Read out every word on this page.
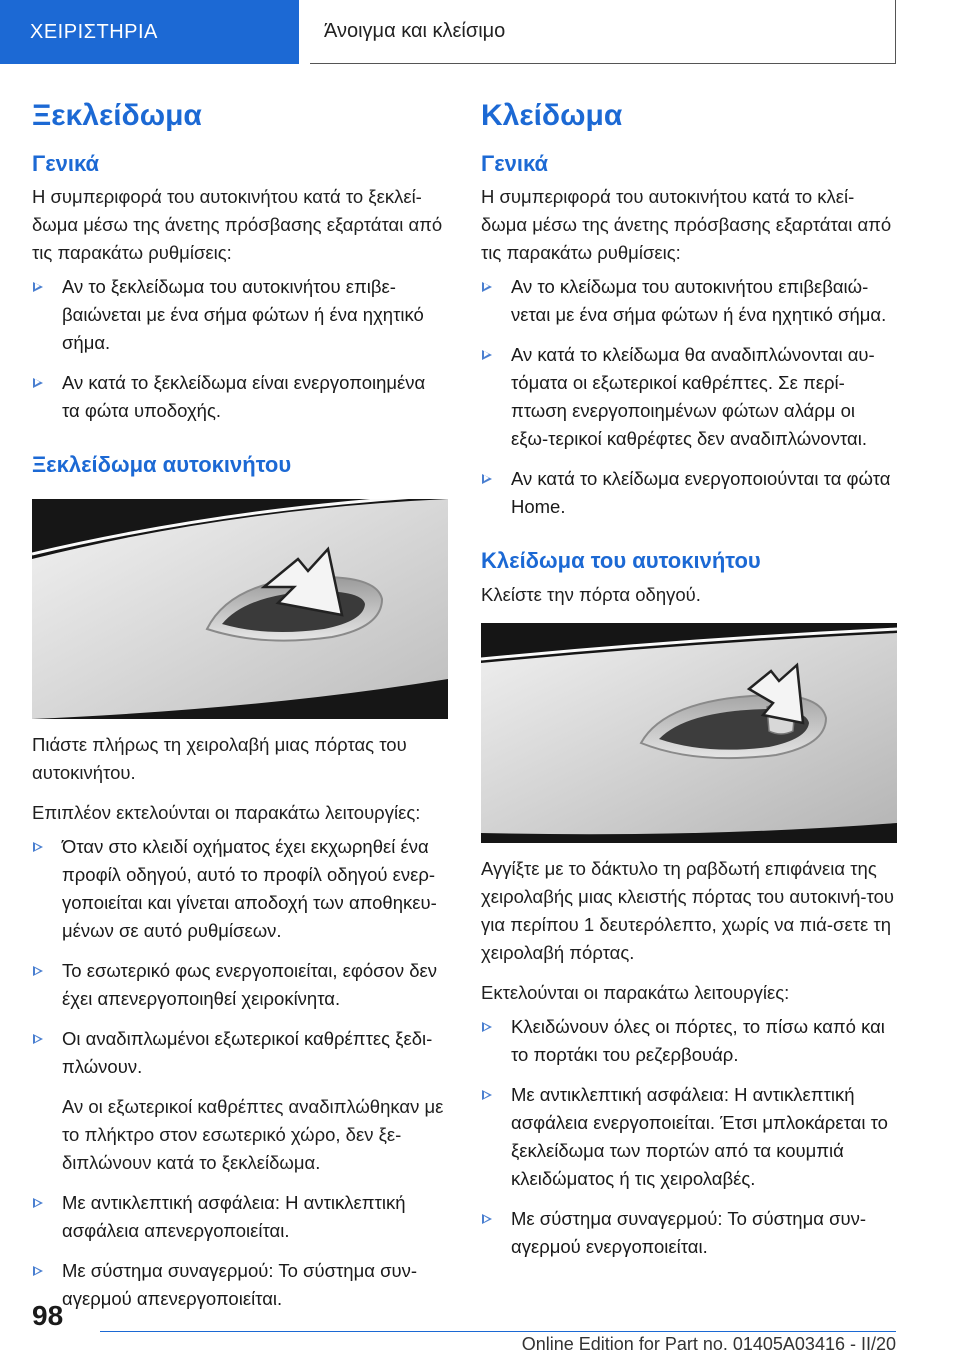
ΧΕΙΡΙΣΤΗΡΙΑ	Άνοιγμα και κλείσιμο
Ξεκλείδωμα
Γενικά

Η συμπεριφορά του αυτοκινήτου κατά το ξεκλεί-δωμα μέσω της άνετης πρόσβασης εξαρτάται από τις παρακάτω ρυθμίσεις:

Αν το ξεκλείδωμα του αυτοκινήτου επιβε-βαιώνεται με ένα σήμα φώτων ή ένα ηχητικό σήμα.
Αν κατά το ξεκλείδωμα είναι ενεργοποιημένα τα φώτα υποδοχής.
Ξεκλείδωμα αυτοκινήτου

Πιάστε πλήρως τη χειρολαβή μιας πόρτας του αυτοκινήτου.

Επιπλέον εκτελούνται οι παρακάτω λειτουργίες:

Όταν στο κλειδί οχήματος έχει εκχωρηθεί ένα προφίλ οδηγού, αυτό το προφίλ οδηγού ενερ-γοποιείται και γίνεται αποδοχή των αποθηκευ-μένων σε αυτό ρυθμίσεων.
Το εσωτερικό φως ενεργοποιείται, εφόσον δεν έχει απενεργοποιηθεί χειροκίνητα.
Οι αναδιπλωμένοι εξωτερικοί καθρέπτες ξεδι-πλώνουν.

Αν οι εξωτερικοί καθρέπτες αναδιπλώθηκαν με το πλήκτρο στον εσωτερικό χώρο, δεν ξε-διπλώνουν κατά το ξεκλείδωμα.

Με αντικλεπτική ασφάλεια: Η αντικλεπτική ασφάλεια απενεργοποιείται.
Με σύστημα συναγερμού: Το σύστημα συν-αγερμού απενεργοποιείται.
Κλείδωμα
Γενικά

Η συμπεριφορά του αυτοκινήτου κατά το κλεί-δωμα μέσω της άνετης πρόσβασης εξαρτάται από τις παρακάτω ρυθμίσεις:

Αν το κλείδωμα του αυτοκινήτου επιβεβαιώ-νεται με ένα σήμα φώτων ή ένα ηχητικό σήμα.
Αν κατά το κλείδωμα θα αναδιπλώνονται αυ-τόματα οι εξωτερικοί καθρέπτες. Σε περί-πτωση ενεργοποιημένων φώτων αλάρμ οι εξω-τερικοί καθρέφτες δεν αναδιπλώνονται.
Αν κατά το κλείδωμα ενεργοποιούνται τα φώτα Home.
Κλείδωμα του αυτοκινήτου

Κλείστε την πόρτα οδηγού.

Αγγίξτε με το δάκτυλο τη ραβδωτή επιφάνεια της χειρολαβής μιας κλειστής πόρτας του αυτοκινή-του για περίπου 1 δευτερόλεπτο, χωρίς να πιά-σετε τη χειρολαβή πόρτας.

Εκτελούνται οι παρακάτω λειτουργίες:

Κλειδώνουν όλες οι πόρτες, το πίσω καπό και το πορτάκι του ρεζερβουάρ.
Με αντικλεπτική ασφάλεια: Η αντικλεπτική ασφάλεια ενεργοποιείται. Έτσι μπλοκάρεται το ξεκλείδωμα των πορτών από τα κουμπιά κλειδώματος ή τις χειρολαβές.
Με σύστημα συναγερμού: Το σύστημα συν-αγερμού ενεργοποιείται.
98
Online Edition for Part no. 01405A03416 - II/20
